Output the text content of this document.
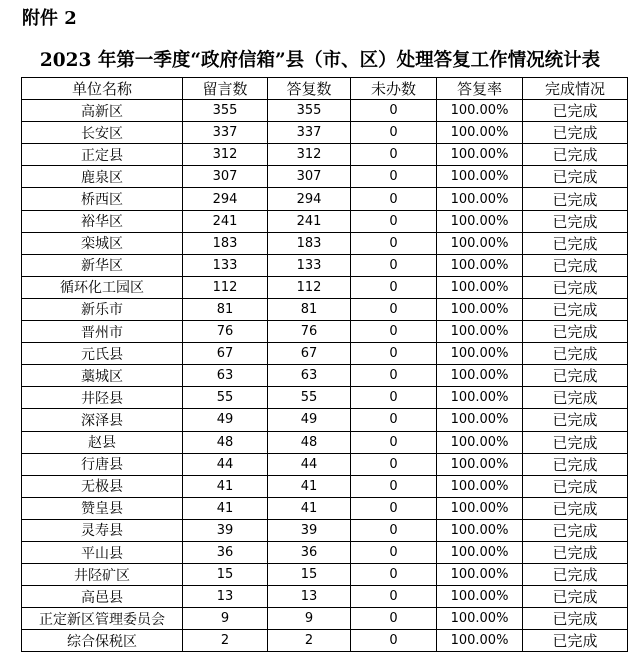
附件 2
2023 年第一季度“政府信箱”县（市、区）处理答复工作情况统计表
单位名称	留言数	答复数	未办数	答复率	完成情况
高新区	355	355	0	100.00%	已完成
长安区	337	337	0	100.00%	已完成
正定县	312	312	0	100.00%	已完成
鹿泉区	307	307	0	100.00%	已完成
桥西区	294	294	0	100.00%	已完成
裕华区	241	241	0	100.00%	已完成
栾城区	183	183	0	100.00%	已完成
新华区	133	133	0	100.00%	已完成
循环化工园区	112	112	0	100.00%	已完成
新乐市	81	81	0	100.00%	已完成
晋州市	76	76	0	100.00%	已完成
元氏县	67	67	0	100.00%	已完成
藁城区	63	63	0	100.00%	已完成
井陉县	55	55	0	100.00%	已完成
深泽县	49	49	0	100.00%	已完成
赵县	48	48	0	100.00%	已完成
行唐县	44	44	0	100.00%	已完成
无极县	41	41	0	100.00%	已完成
赞皇县	41	41	0	100.00%	已完成
灵寿县	39	39	0	100.00%	已完成
平山县	36	36	0	100.00%	已完成
井陉矿区	15	15	0	100.00%	已完成
高邑县	13	13	0	100.00%	已完成
正定新区管理委员会	9	9	0	100.00%	已完成
综合保税区	2	2	0	100.00%	已完成
